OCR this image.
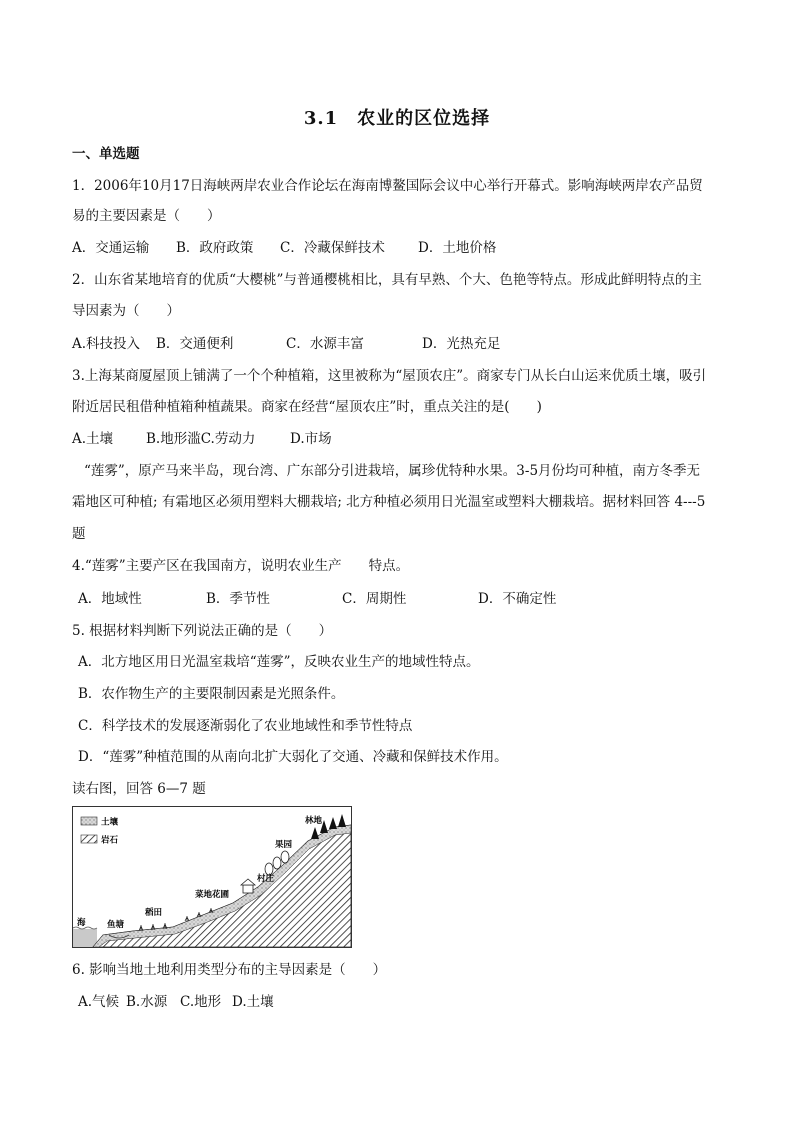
3.1　农业的区位选择
一、单选题
1．2006年10月17日海峡两岸农业合作论坛在海南博鳌国际会议中心举行开幕式。影响海峡两岸农产品贸
易的主要因素是（　　）
A．交通运输 B．政府政策 C．冷藏保鲜技术 D．土地价格
2．山东省某地培育的优质“大樱桃”与普通樱桃相比，具有早熟、个大、色艳等特点。形成此鲜明特点的主
导因素为（　　）
A.科技投入 B．交通便利	C．水源丰富	D．光热充足
3.上海某商厦屋顶上铺满了一个个种植箱，这里被称为“屋顶农庄”。商家专门从长白山运来优质土壤，吸引
附近居民租借种植箱种植蔬果。商家在经营“屋顶农庄”时，重点关注的是(　　)
A.土壤 B.地形滥C.劳动力	D.市场
“莲雾”，原产马来半岛，现台湾、广东部分引进栽培，属珍优特种水果。3-5月份均可种植，南方冬季无
霜地区可种植; 有霜地区必须用塑料大棚栽培; 北方种植必须用日光温室或塑料大棚栽培。据材料回答 4---5
题
4.“莲雾”主要产区在我国南方，说明农业生产　　特点。
A．地域性	B．季节性	C．周期性	D．不确定性
5. 根据材料判断下列说法正确的是（　　）
A．北方地区用日光温室栽培“莲雾”，反映农业生产的地域性特点。
B．农作物生产的主要限制因素是光照条件。
C．科学技术的发展逐渐弱化了农业地域性和季节性特点
D．“莲雾”种植范围的从南向北扩大弱化了交通、冷藏和保鲜技术作用。
读右图，回答 6—7 题
土壤
岩石
海	鱼塘
稻田
菜地花圃
村庄
果园
林地
6. 影响当地土地利用类型分布的主导因素是（　　）
A.气候 B.水源 C.地形 D.土壤
